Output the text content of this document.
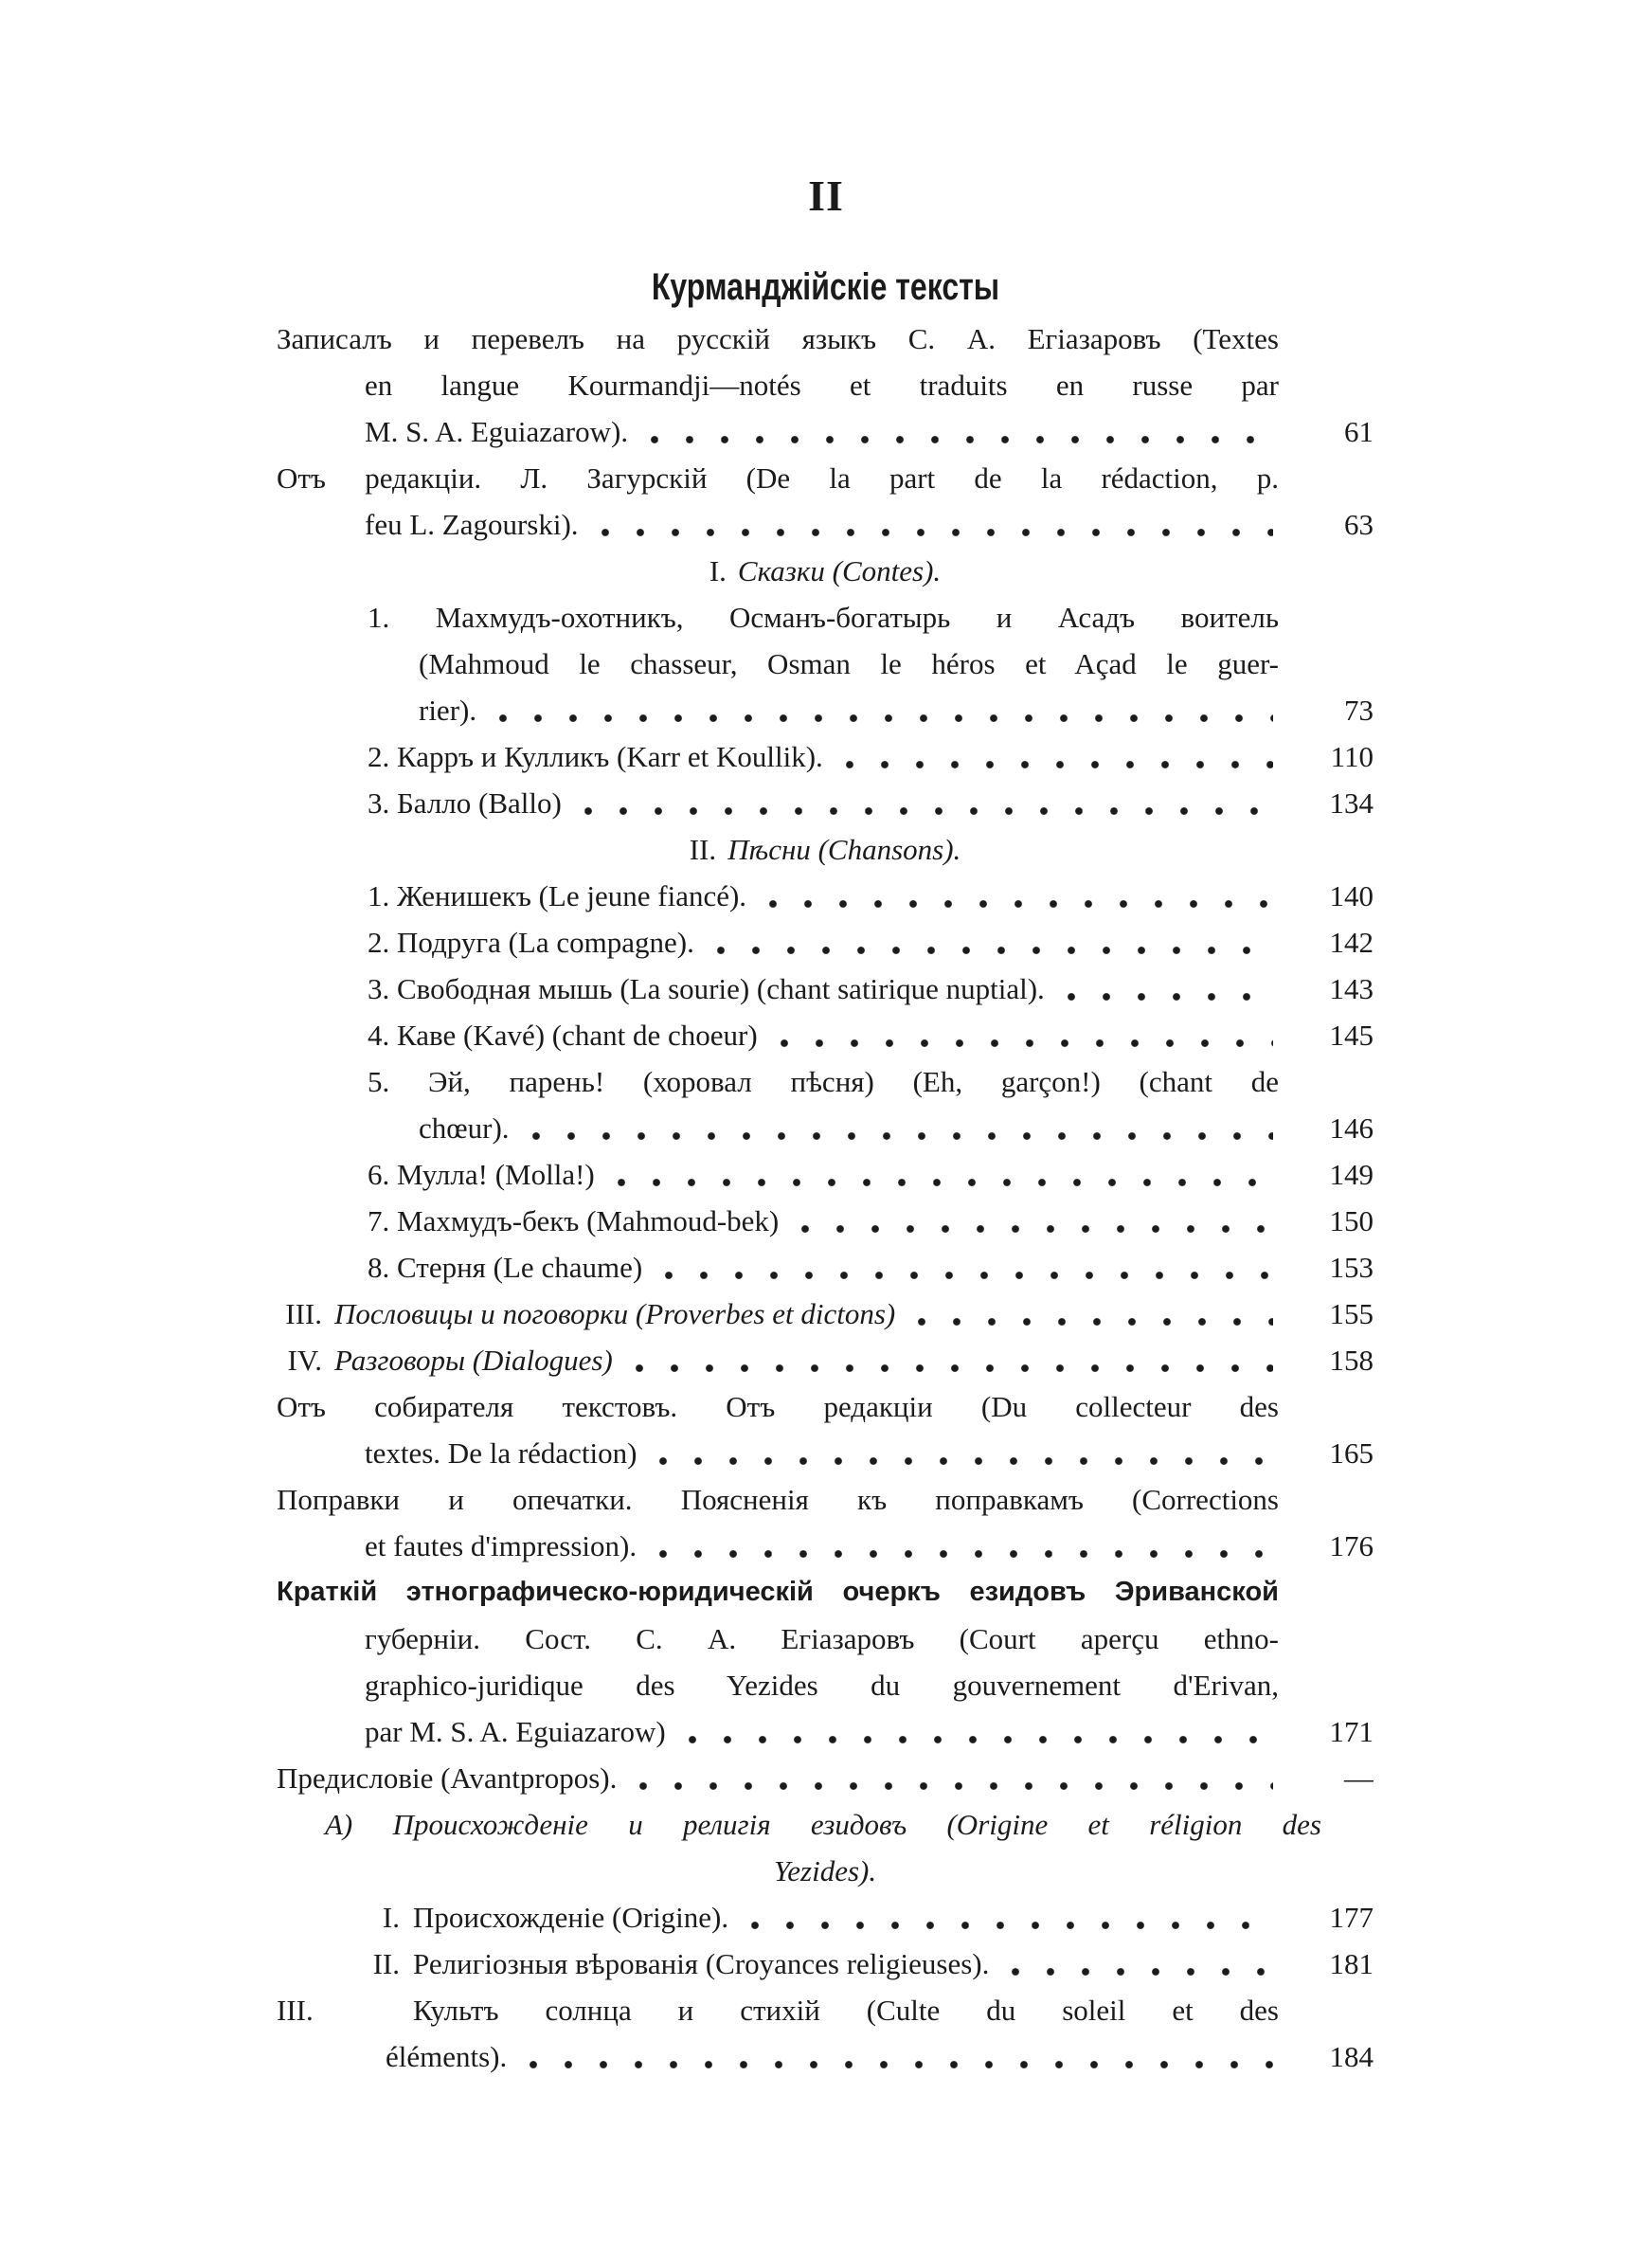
II
Курманджійскіе тексты
Записалъ и перевелъ на русскій языкъ С. А. Егіазаровъ (Textes
en langue Kourmandji—notés et traduits en russe par
M. S. A. Eguiazarow).	61
Отъ редакціи. Л. Загурскій (De la part de la rédaction, p.
feu L. Zagourski).	63
I. Сказки (Contes).
1. Махмудъ-охотникъ, Османъ-богатырь и Асадъ воитель
(Mahmoud le chasseur, Osman le héros et Açad le guer-
rier).	73
2. Карръ и Кулликъ (Karr et Koullik).	110
3. Балло (Ballo)	134
II. Пѣсни (Chansons).
1. Женишекъ (Le jeune fiancé).	140
2. Подруга (La compagne).	142
3. Свободная мышь (La sourie) (chant satirique nuptial).	143
4. Каве (Kavé) (chant de choeur)	145
5. Эй, парень! (хоровал пѣсня) (Eh, garçon!) (chant de
chœur).	146
6. Мулла! (Molla!)	149
7. Махмудъ-бекъ (Mahmoud-bek)	150
8. Стерня (Le chaume)	153
III. Пословицы и поговорки (Proverbes et dictons)	155
IV. Разговоры (Dialogues)	158
Отъ собирателя текстовъ. Отъ редакціи (Du collecteur des
textes. De la rédaction)	165
Поправки и опечатки. Поясненія къ поправкамъ (Corrections
et fautes d'impression).	176
Краткій этнографическо-юридическій очеркъ езидовъ Эриванской
губерніи. Сост. С. А. Егіазаровъ (Court aperçu ethno-
graphico-juridique des Yezides du gouvernement d'Erivan,
par M. S. A. Eguiazarow)	171
Предисловіе (Avantpropos).	—
А) Происхожденіе и религія езидовъ (Origine et réligion des
Yezides).
I. Происхожденіе (Origine).	177
II. Религіозныя вѣрованія (Croyances religieuses).	181
III.	Культъ солнца и стихій (Culte du soleil et des
éléments).	184
